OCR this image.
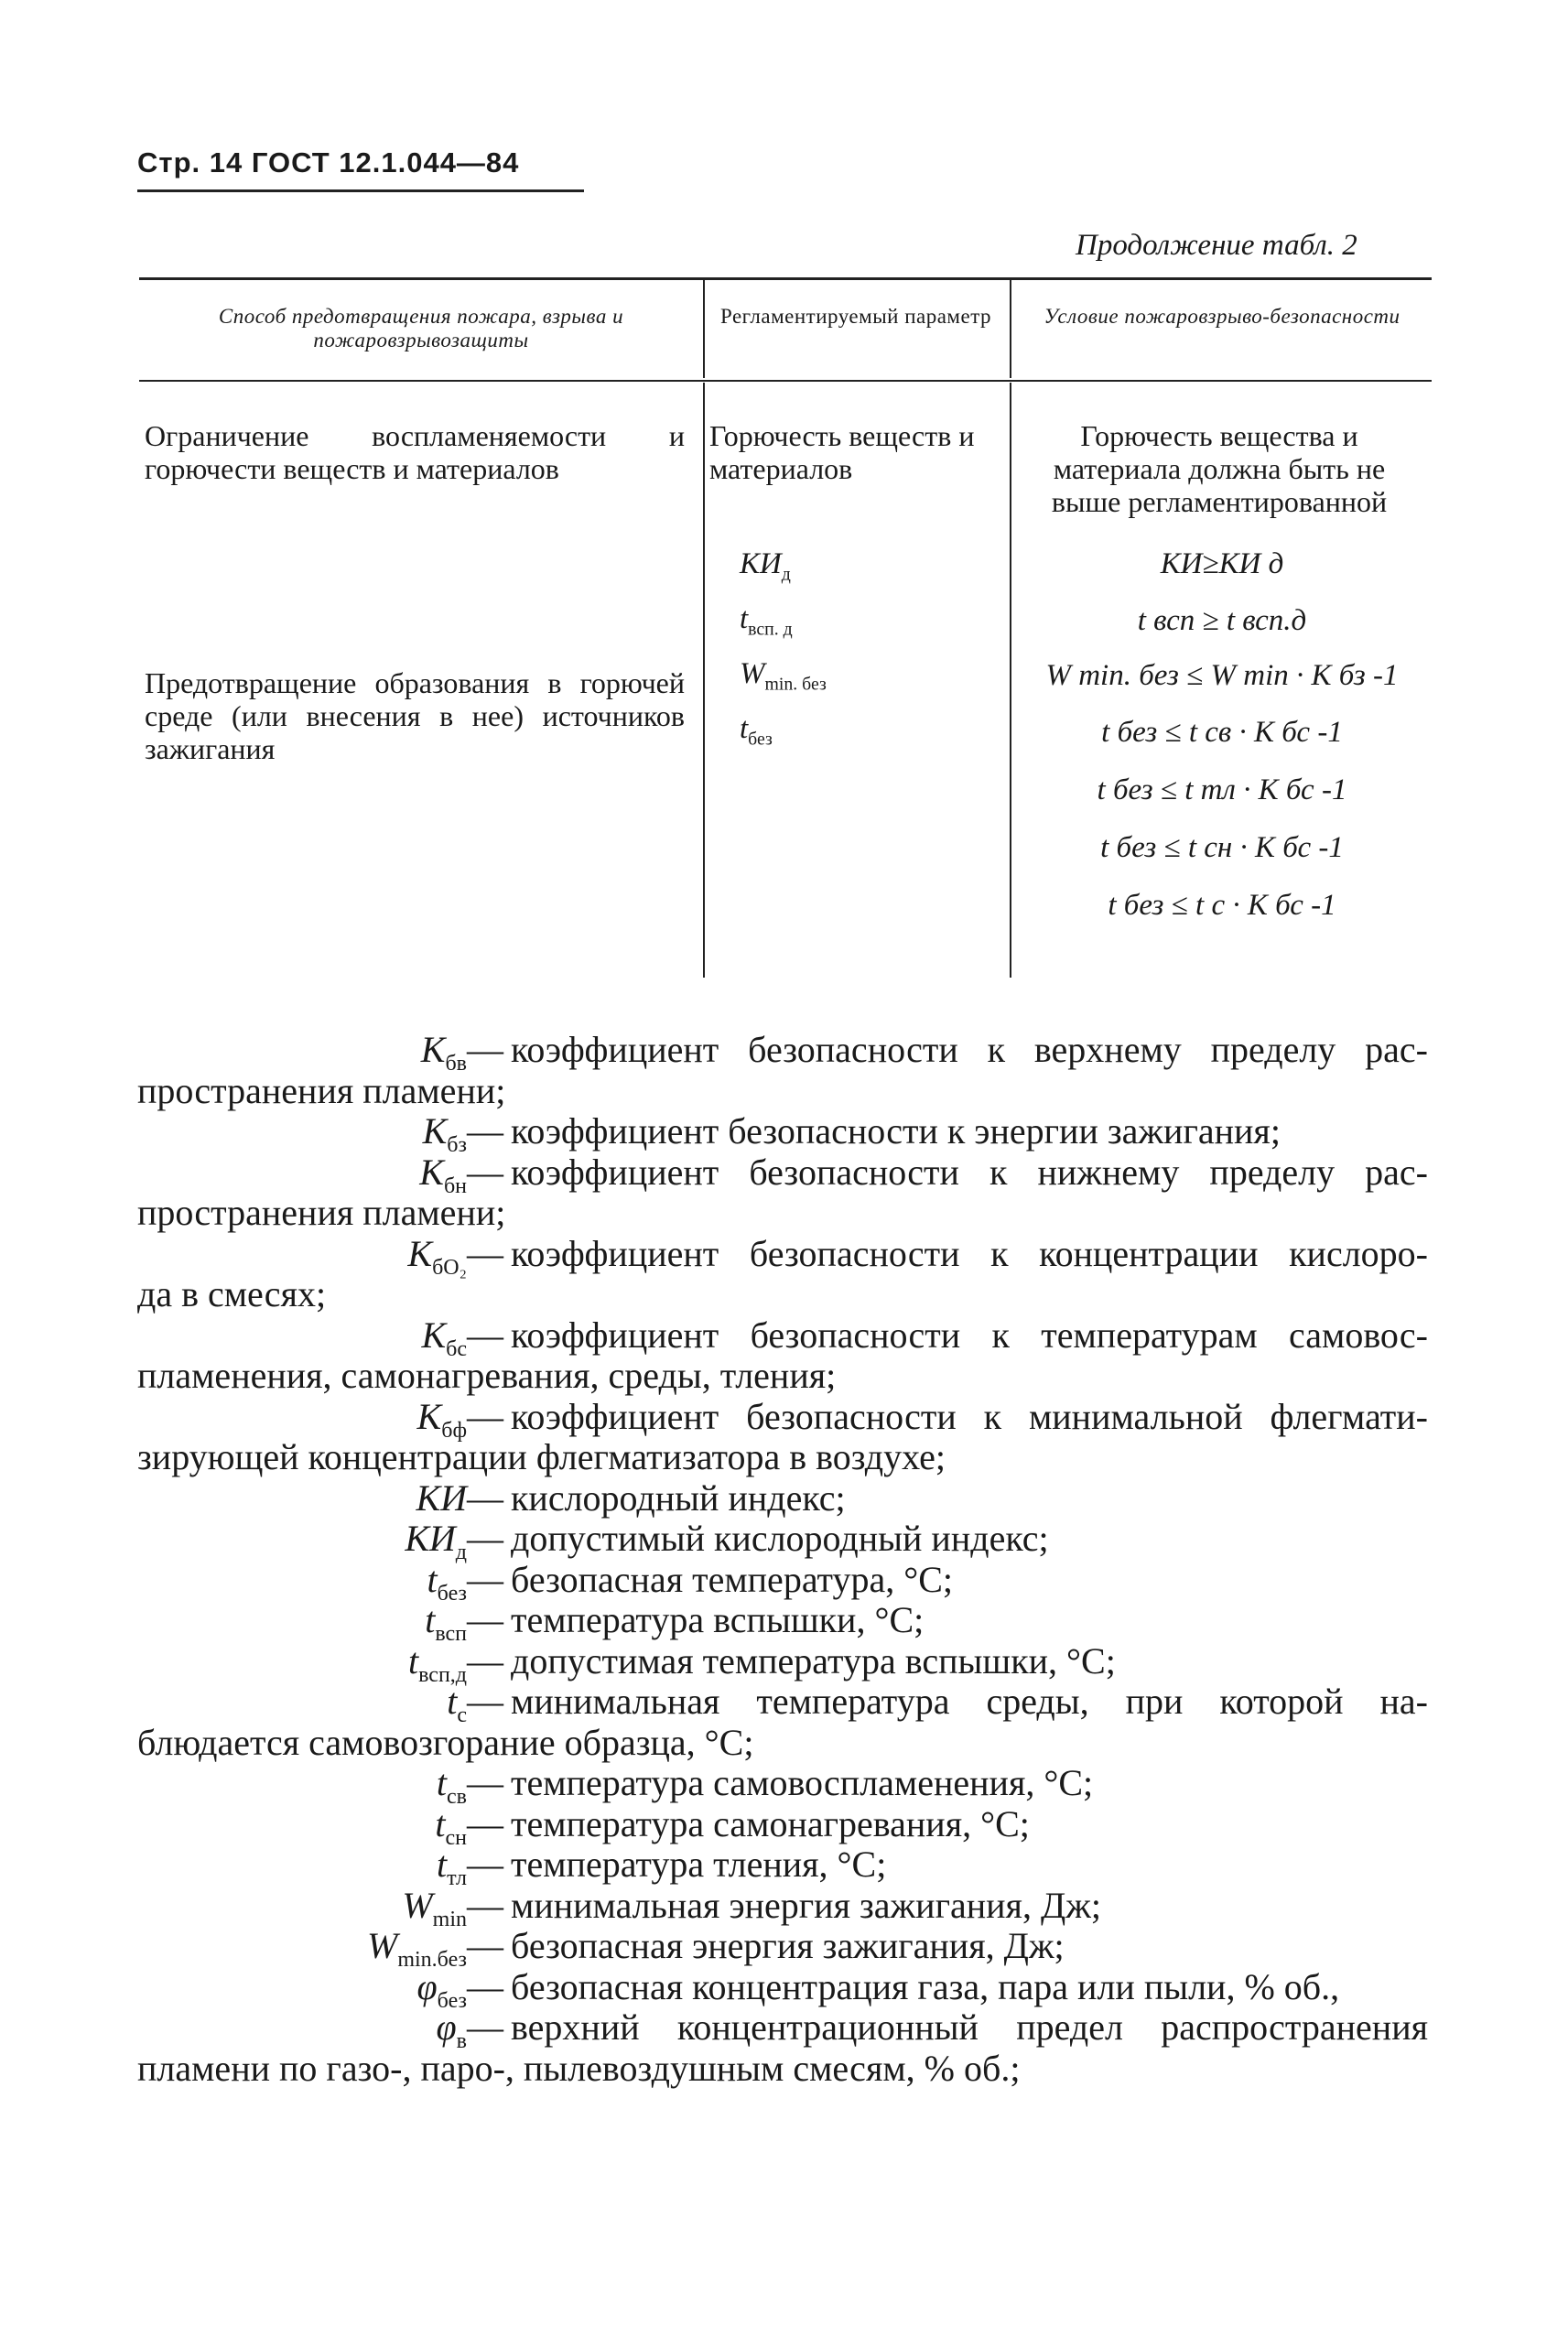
Стр. 14 ГОСТ 12.1.044—84
Продолжение табл. 2
Способ предотвращения пожара, взрыва и пожаровзрывозащиты
Регламентируемый параметр	Условие пожаровзрыво-безопасности
Ограничение воспламеняемости и горючести веществ и материалов
Предотвращение образования в горючей среде (или внесения в нее) источников зажигания
Горючесть веществ и материалов
Горючесть вещества и материала должна быть не выше регламентированной
$КИ_д$
$t_{всп. д}$
$W_{min. без}$
$t_{без}$
КИ≥КИ д
t всп ≥ t всп.д
W min. без ≤ W min · K бз -1
t без ≤ t св · K бс -1
t без ≤ t тл · K бс -1
t без ≤ t сн · K бс -1
t без ≤ t с · K бс -1
$K_{бв}—$ коэффициент безопасности к верхнему пределу рас-
пространения пламени;
$K_{бз}—$ коэффициент безопасности к энергии зажигания;
$K_{бн}—$ коэффициент безопасности к нижнему пределу рас-
пространения пламени;
$K_{бO_2}—$ коэффициент безопасности к концентрации кислоро-
да в смесях;
$K_{бс}—$ коэффициент безопасности к температурам самовос-
пламенения, самонагревания, среды, тления;
$K_{бф}—$ коэффициент безопасности к минимальной флегмати-
зирующей концентрации флегматизатора в воздухе;
КИ— кислородный индекс;
$КИ_д—$ допустимый кислородный индекс;
$t_{без}—$ безопасная температура, °С;
$t_{всп}—$ температура вспышки, °С;
$t_{всп,д}—$ допустимая температура вспышки, °С;
$t_с—$ минимальная температура среды, при которой на-
блюдается самовозгорание образца, °С;
$t_{св}—$ температура самовоспламенения, °С;
$t_{сн}—$ температура самонагревания, °С;
$t_{тл}—$ температура тления, °С;
$W_{min}—$ минимальная энергия зажигания, Дж;
$W_{min.без}—$ безопасная энергия зажигания, Дж;
$\varphi_{без}—$ безопасная концентрация газа, пара или пыли, % об.,
$\varphi_в—$ верхний концентрационный предел распространения
пламени по газо-, паро-, пылевоздушным смесям, % об.;
